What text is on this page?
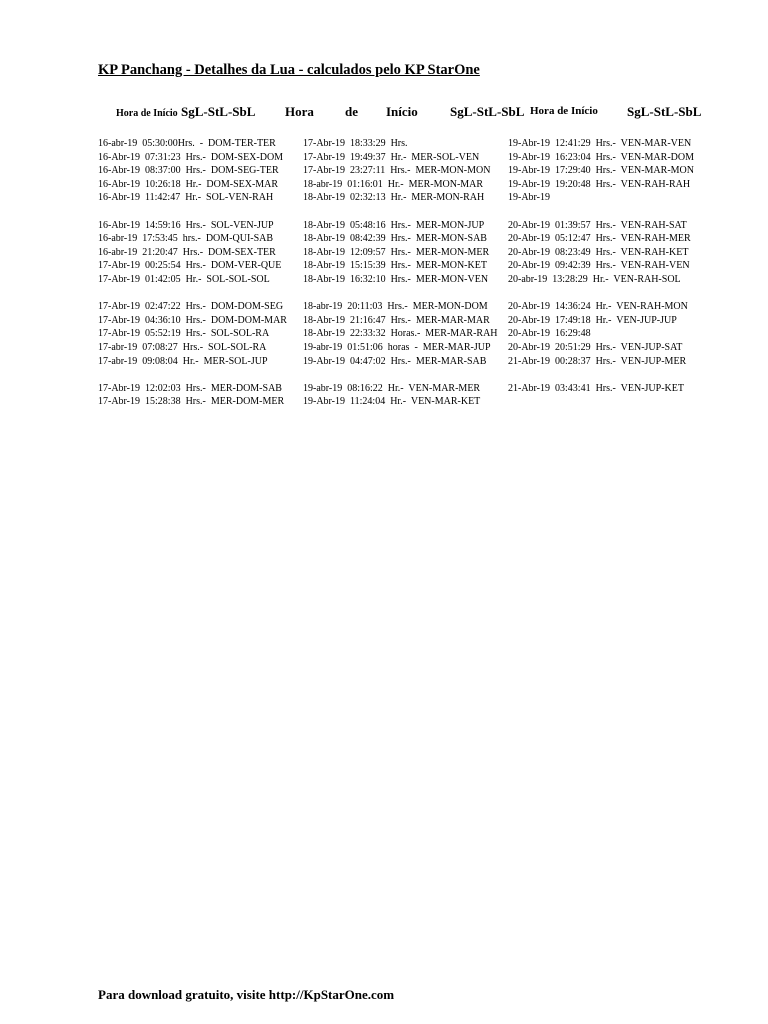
KP Panchang - Detalhes da Lua - calculados pelo KP StarOne
Hora de Início SgL-StL-SbL Hora de Início SgL-StL-SbL Hora de Início SgL-StL-SbL
16-abr-19  05:30:00Hrs.  -  DOM-TER-TER
16-Abr-19  07:31:23  Hrs.-  DOM-SEX-DOM
16-Abr-19  08:37:00  Hrs.-  DOM-SEG-TER
16-Abr-19  10:26:18  Hr.-  DOM-SEX-MAR
16-Abr-19  11:42:47  Hr.-  SOL-VEN-RAH
16-Abr-19  14:59:16  Hrs.-  SOL-VEN-JUP
16-abr-19  17:53:45  hrs.-  DOM-QUI-SAB
16-abr-19  21:20:47  Hrs.-  DOM-SEX-TER
17-Abr-19  00:25:54  Hrs.-  DOM-VER-QUE
17-Abr-19  01:42:05  Hr.-  SOL-SOL-SOL
17-Abr-19  02:47:22  Hrs.-  DOM-DOM-SEG
17-Abr-19  04:36:10  Hrs.-  DOM-DOM-MAR
17-Abr-19  05:52:19  Hrs.-  SOL-SOL-RA
17-abr-19  07:08:27  Hrs.-  SOL-SOL-RA
17-abr-19  09:08:04  Hr.-  MER-SOL-JUP
17-Abr-19  12:02:03  Hrs.-  MER-DOM-SAB
17-Abr-19  15:28:38  Hrs.-  MER-DOM-MER
17-Abr-19  18:33:29  Hrs.
17-Abr-19  19:49:37  Hr.-  MER-SOL-VEN
17-Abr-19  23:27:11  Hrs.-  MER-MON-MON
18-abr-19  01:16:01  Hr.-  MER-MON-MAR
18-Abr-19  02:32:13  Hr.-  MER-MON-RAH
18-Abr-19  05:48:16  Hrs.-  MER-MON-JUP
18-Abr-19  08:42:39  Hrs.-  MER-MON-SAB
18-Abr-19  12:09:57  Hrs.-  MER-MON-MER
18-Abr-19  15:15:39  Hrs.-  MER-MON-KET
18-Abr-19  16:32:10  Hrs.-  MER-MON-VEN
18-abr-19  20:11:03  Hrs.-  MER-MON-DOM
18-Abr-19  21:16:47  Hrs.-  MER-MAR-MAR
18-Abr-19  22:33:32  Horas.-  MER-MAR-RAH
19-abr-19  01:51:06  horas  -  MER-MAR-JUP
19-Abr-19  04:47:02  Hrs.-  MER-MAR-SAB
19-abr-19  08:16:22  Hr.-  VEN-MAR-MER
19-Abr-19  11:24:04  Hr.-  VEN-MAR-KET
19-Abr-19  12:41:29  Hrs.-  VEN-MAR-VEN
19-Abr-19  16:23:04  Hrs.-  VEN-MAR-DOM
19-Abr-19  17:29:40  Hrs.-  VEN-MAR-MON
19-Abr-19  19:20:48  Hrs.-  VEN-RAH-RAH
19-Abr-19
20-Abr-19  01:39:57  Hrs.-  VEN-RAH-SAT
20-Abr-19  05:12:47  Hrs.-  VEN-RAH-MER
20-Abr-19  08:23:49  Hrs.-  VEN-RAH-KET
20-Abr-19  09:42:39  Hrs.-  VEN-RAH-VEN
20-abr-19  13:28:29  Hr.-  VEN-RAH-SOL
20-Abr-19  14:36:24  Hr.-  VEN-RAH-MON
20-Abr-19  17:49:18  Hr.-  VEN-JUP-JUP
20-Abr-19  16:29:48
20-Abr-19  20:51:29  Hrs.-  VEN-JUP-SAT
21-Abr-19  00:28:37  Hrs.-  VEN-JUP-MER
21-Abr-19  03:43:41  Hrs.-  VEN-JUP-KET
Para download gratuito, visite http://KpStarOne.com
